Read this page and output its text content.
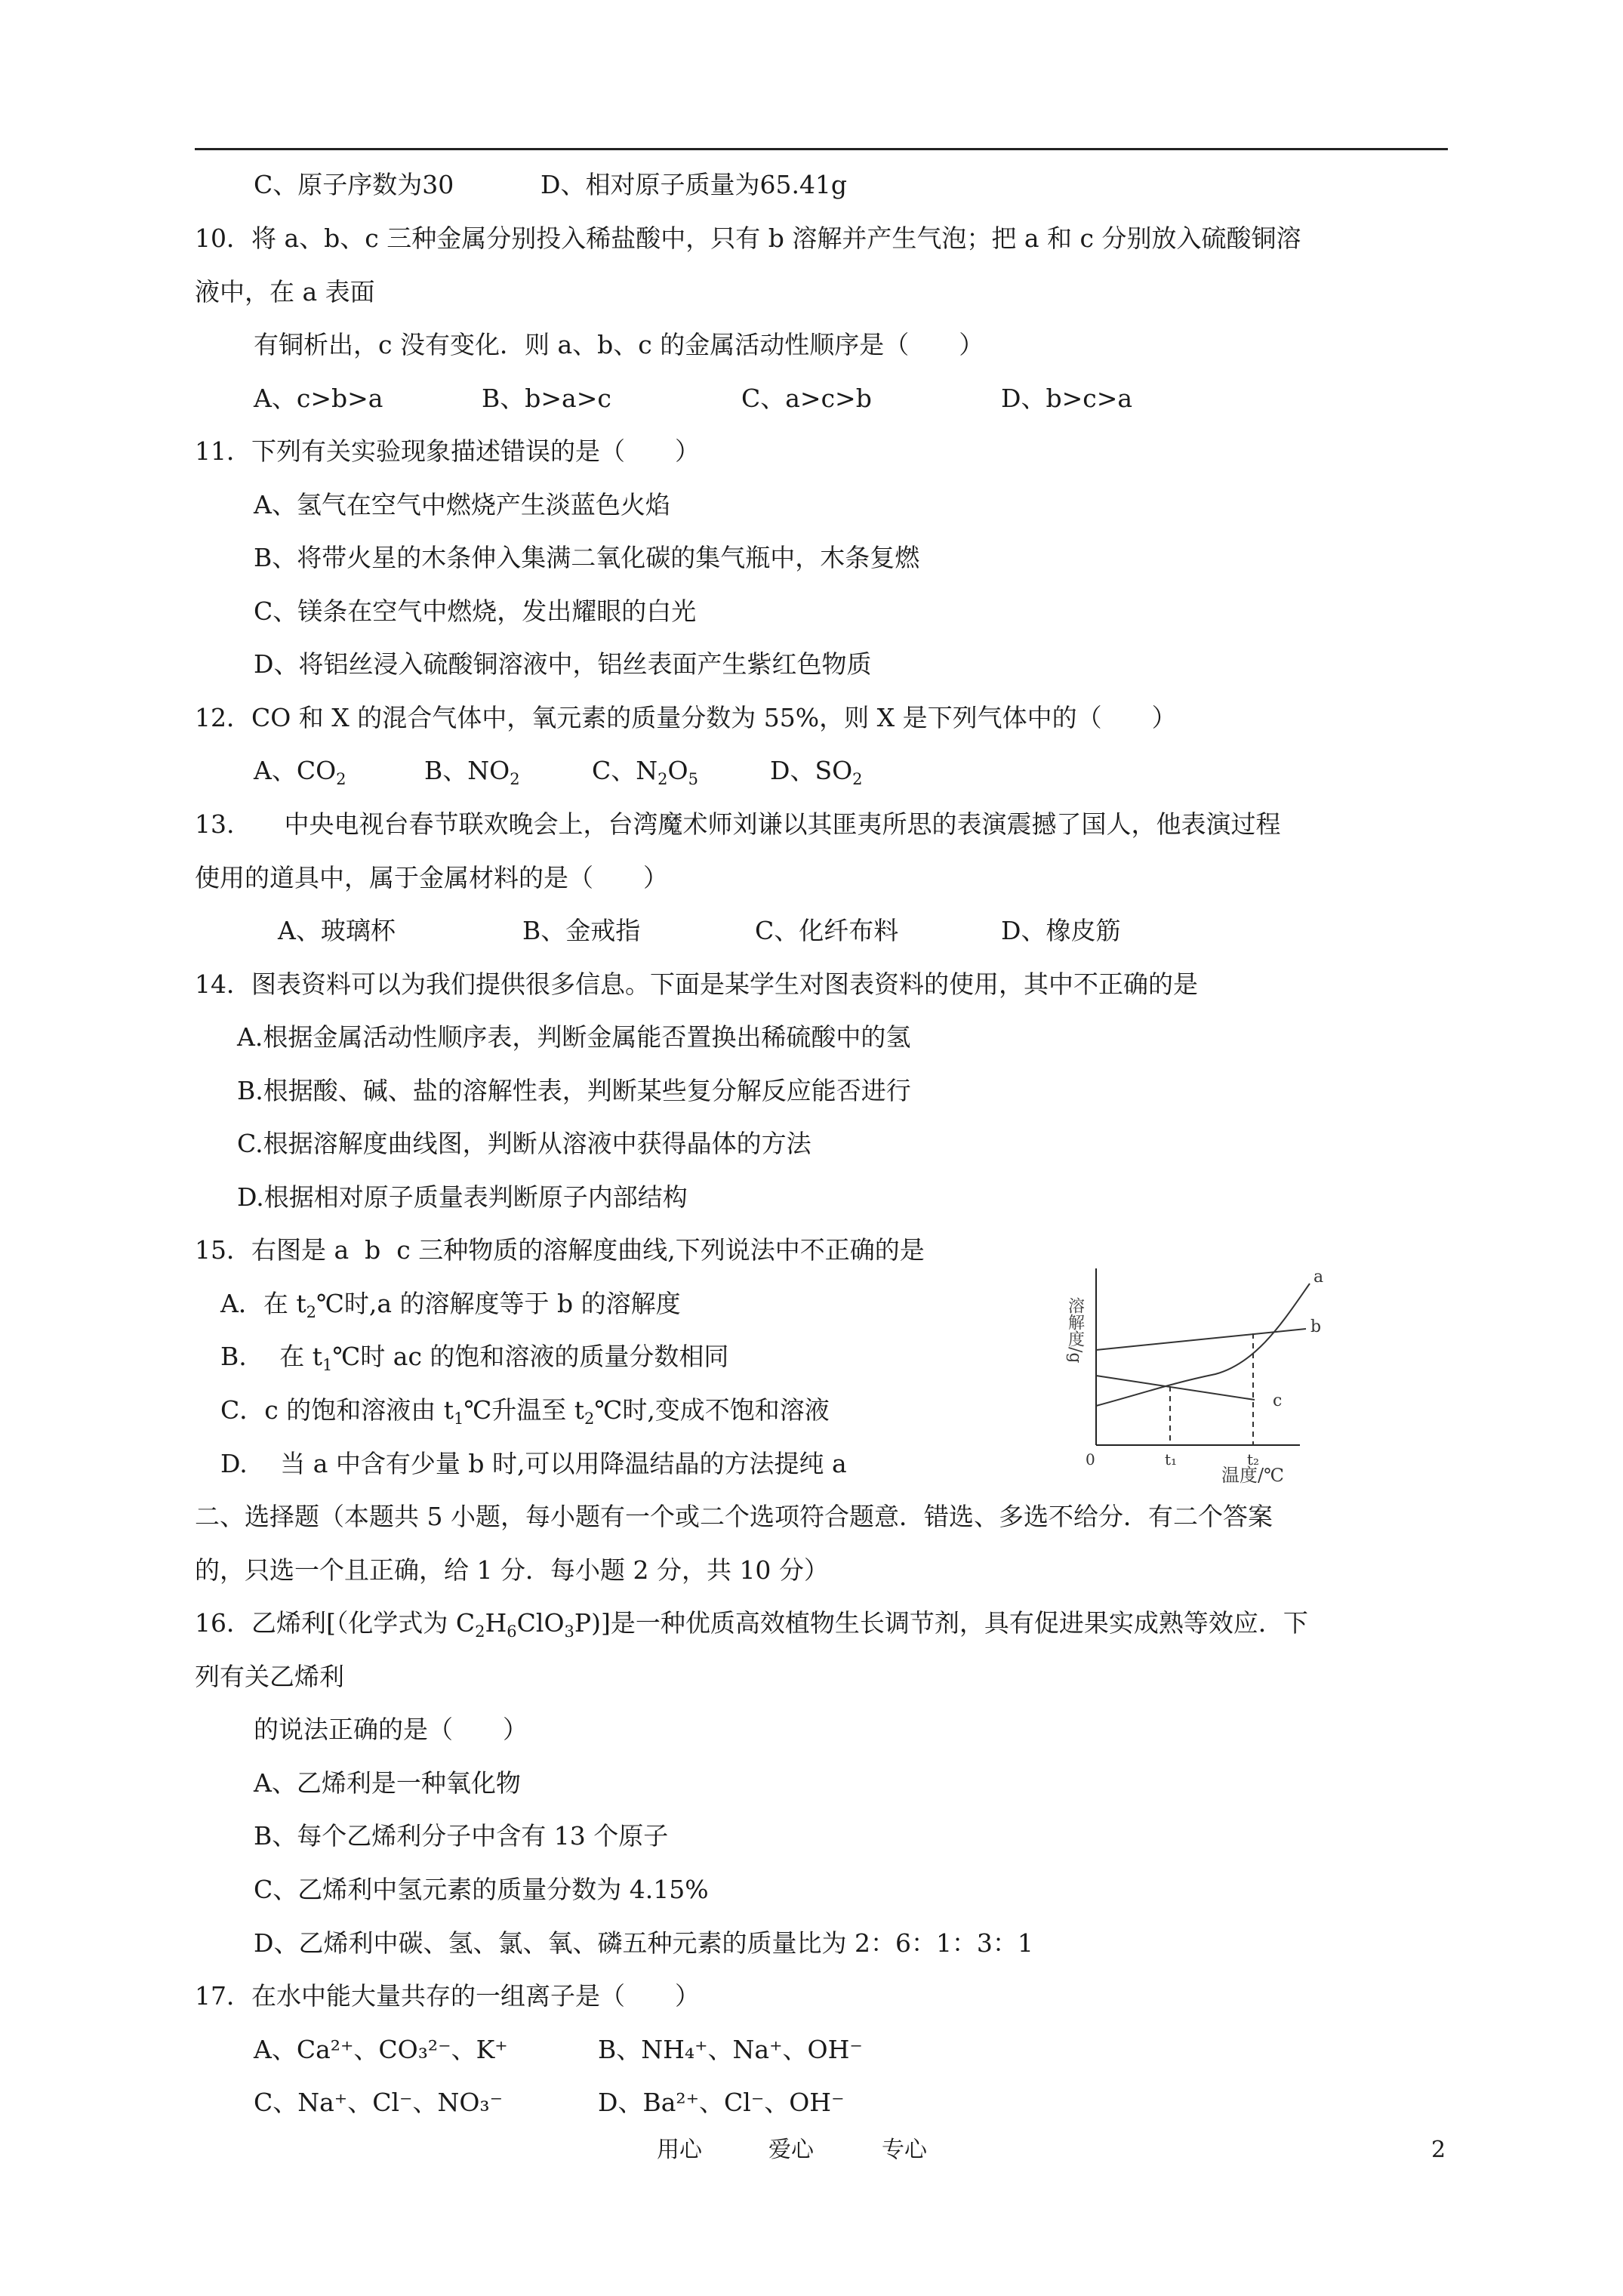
C、原子序数为30	D、相对原子质量为65.41g
10．将 a、b、c 三种金属分别投入稀盐酸中，只有 b 溶解并产生气泡；把 a 和 c 分别放入硫酸铜溶
液中，在 a 表面
有铜析出，c 没有变化．则 a、b、c 的金属活动性顺序是（　　）
A、c>b>a	B、b>a>c	C、a>c>b	D、b>c>a
11．下列有关实验现象描述错误的是（　　）
A、氢气在空气中燃烧产生淡蓝色火焰
B、将带火星的木条伸入集满二氧化碳的集气瓶中，木条复燃
C、镁条在空气中燃烧，发出耀眼的白光
D、将铝丝浸入硫酸铜溶液中，铝丝表面产生紫红色物质
12．CO 和 X 的混合气体中，氧元素的质量分数为 55%，则 X 是下列气体中的（　　）
A、$CO_2$	B、$NO_2$	C、$N_2O_5$	D、$SO_2$
13.　　中央电视台春节联欢晚会上，台湾魔术师刘谦以其匪夷所思的表演震撼了国人，他表演过程
使用的道具中，属于金属材料的是（　　）
A、玻璃杯	B、金戒指	C、化纤布料	D、橡皮筋
14．图表资料可以为我们提供很多信息。下面是某学生对图表资料的使用，其中不正确的是
A.根据金属活动性顺序表，判断金属能否置换出稀硫酸中的氢
B.根据酸、碱、盐的溶解性表，判断某些复分解反应能否进行
C.根据溶解度曲线图，判断从溶液中获得晶体的方法
D.根据相对原子质量表判断原子内部结构
15．右图是 a  b  c 三种物质的溶解度曲线,下列说法中不正确的是
A．在 $t_2℃$时,a 的溶解度等于 b 的溶解度
B.　 在 $t_1℃$时 ac 的饱和溶液的质量分数相同
C．c 的饱和溶液由 $t_1℃$升温至 $t_2℃$时,变成不饱和溶液
D.　 当 a 中含有少量 b 时,可以用降温结晶的方法提纯 a
溶解度/g
a
b
c
0	t₁	t₂
温度/℃
二、选择题（本题共 5 小题，每小题有一个或二个选项符合题意．错选、多选不给分．有二个答案
的，只选一个且正确，给 1 分．每小题 2 分，共 10 分）
16．乙烯利[（化学式为 $C_2H_6ClO_3P$)]是一种优质高效植物生长调节剂，具有促进果实成熟等效应．下
列有关乙烯利
的说法正确的是（　　）
A、乙烯利是一种氧化物
B、每个乙烯利分子中含有 13 个原子
C、乙烯利中氢元素的质量分数为 4.15%
D、乙烯利中碳、氢、氯、氧、磷五种元素的质量比为 2：6：1：3：1
17．在水中能大量共存的一组离子是（　　）
A、Ca²⁺、CO₃²⁻、K⁺	B、NH₄⁺、Na⁺、OH⁻
C、Na⁺、Cl⁻、NO₃⁻	D、Ba²⁺、Cl⁻、OH⁻
用心	爱心	专心	2
